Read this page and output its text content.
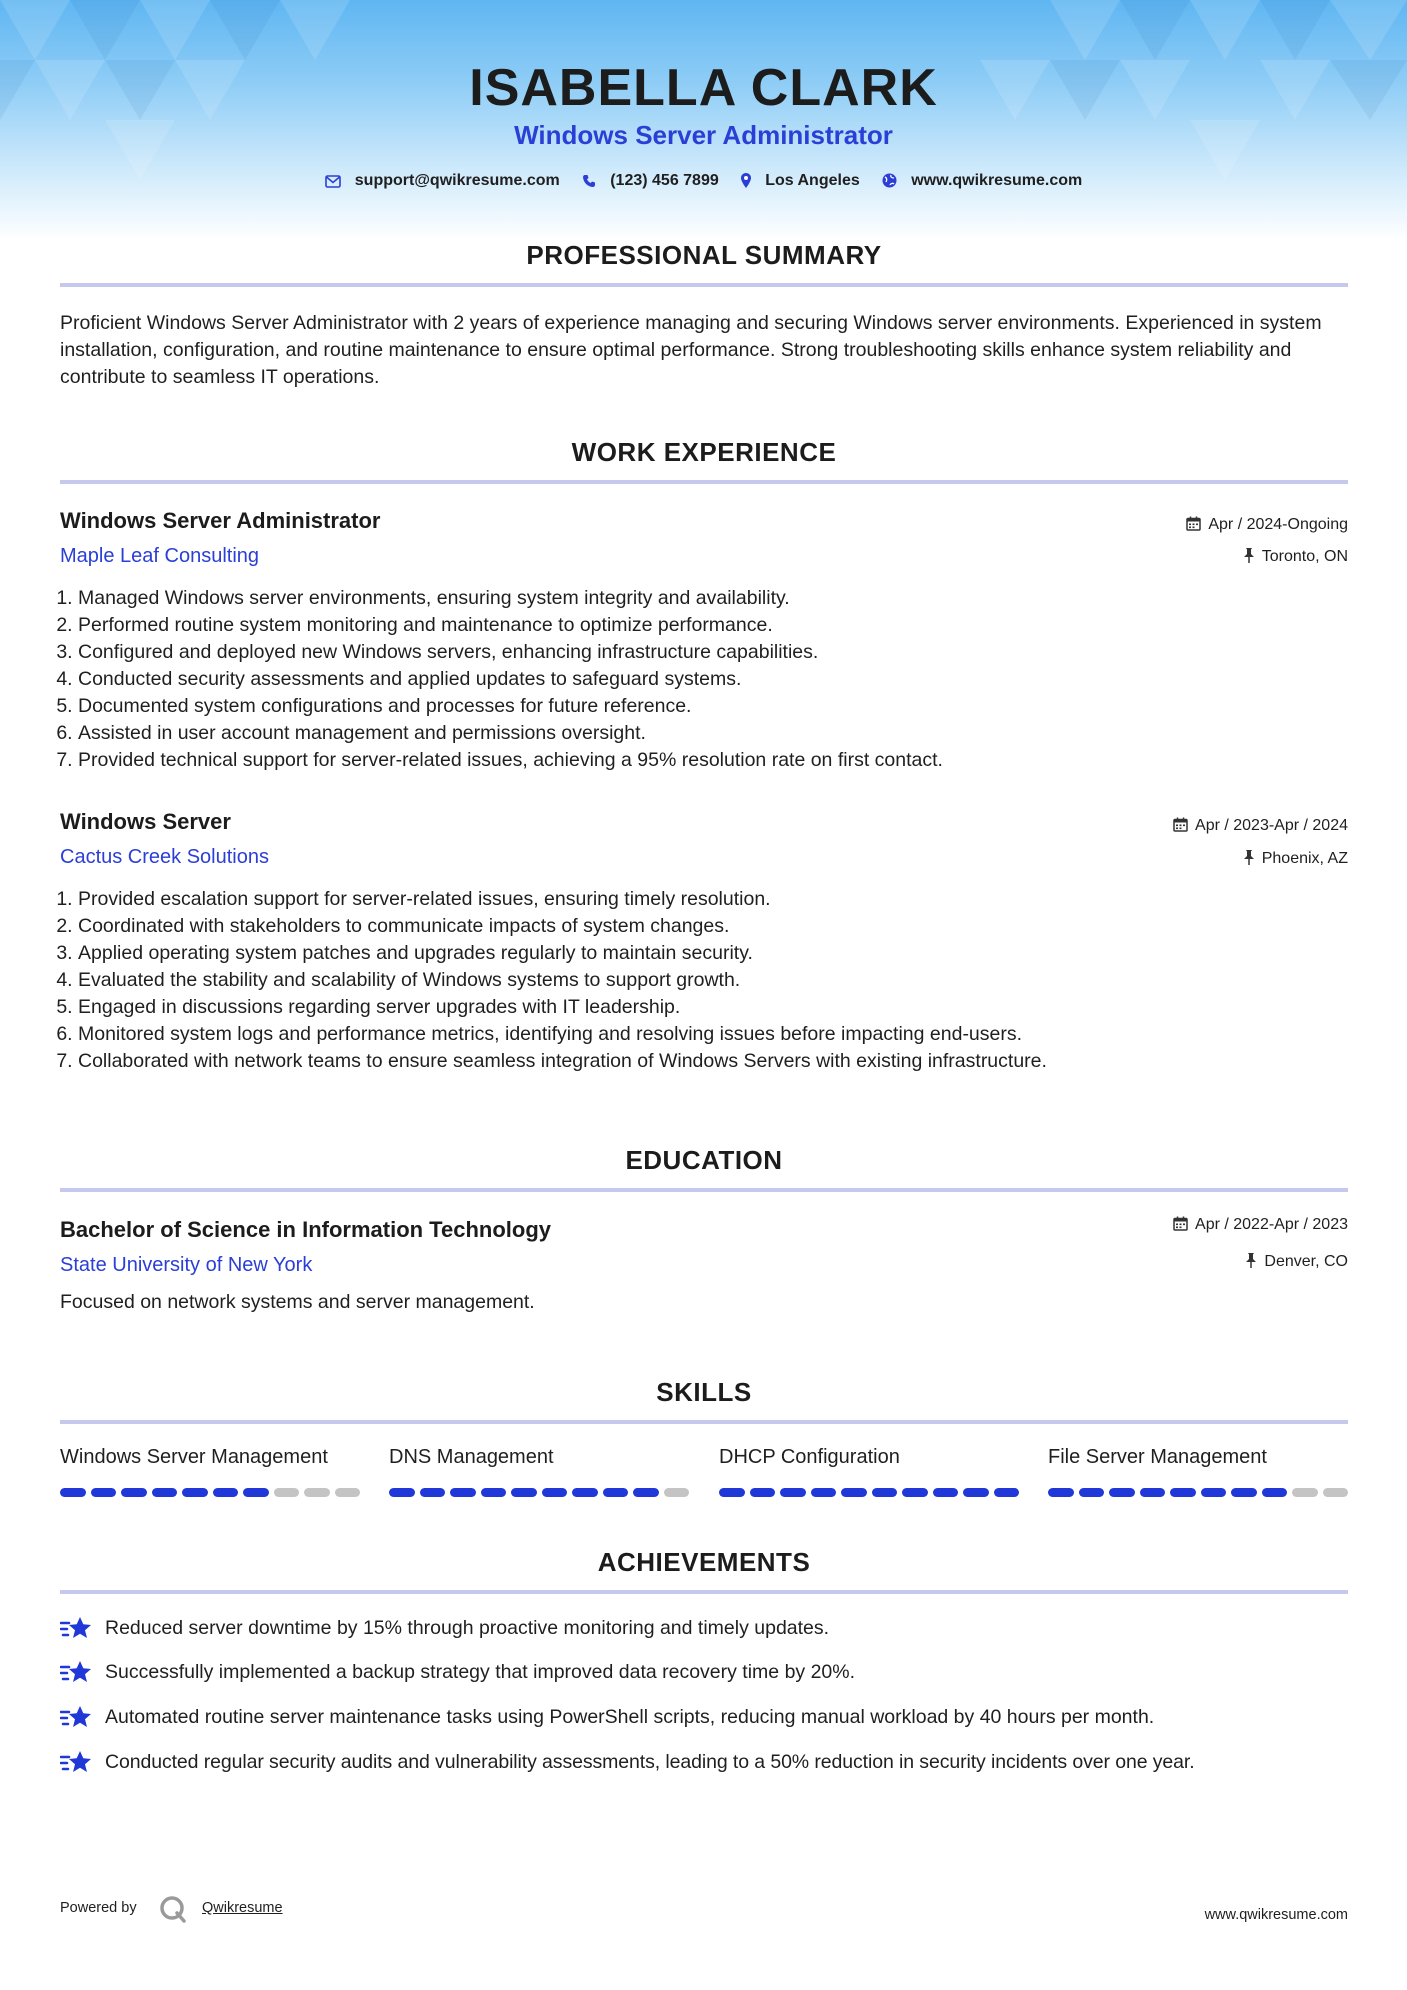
ISABELLA CLARK
Windows Server Administrator
support@qwikresume.com	(123) 456 7899	Los Angeles	www.qwikresume.com
PROFESSIONAL SUMMARY
Proficient Windows Server Administrator with 2 years of experience managing and securing Windows server environments. Experienced in system installation, configuration, and routine maintenance to ensure optimal performance. Strong troubleshooting skills enhance system reliability and contribute to seamless IT operations.
WORK EXPERIENCE
Windows Server Administrator
Maple Leaf Consulting
Apr / 2024-Ongoing
Toronto, ON
1. Managed Windows server environments, ensuring system integrity and availability.
2. Performed routine system monitoring and maintenance to optimize performance.
3. Configured and deployed new Windows servers, enhancing infrastructure capabilities.
4. Conducted security assessments and applied updates to safeguard systems.
5. Documented system configurations and processes for future reference.
6. Assisted in user account management and permissions oversight.
7. Provided technical support for server-related issues, achieving a 95% resolution rate on first contact.
Windows Server
Cactus Creek Solutions
Apr / 2023-Apr / 2024
Phoenix, AZ
1. Provided escalation support for server-related issues, ensuring timely resolution.
2. Coordinated with stakeholders to communicate impacts of system changes.
3. Applied operating system patches and upgrades regularly to maintain security.
4. Evaluated the stability and scalability of Windows systems to support growth.
5. Engaged in discussions regarding server upgrades with IT leadership.
6. Monitored system logs and performance metrics, identifying and resolving issues before impacting end-users.
7. Collaborated with network teams to ensure seamless integration of Windows Servers with existing infrastructure.
EDUCATION
Bachelor of Science in Information Technology
State University of New York
Apr / 2022-Apr / 2023
Denver, CO
Focused on network systems and server management.
SKILLS
Windows Server Management	DNS Management	DHCP Configuration	File Server Management
ACHIEVEMENTS
Reduced server downtime by 15% through proactive monitoring and timely updates.
Successfully implemented a backup strategy that improved data recovery time by 20%.
Automated routine server maintenance tasks using PowerShell scripts, reducing manual workload by 40 hours per month.
Conducted regular security audits and vulnerability assessments, leading to a 50% reduction in security incidents over one year.
Powered by	Qwikresume	www.qwikresume.com
